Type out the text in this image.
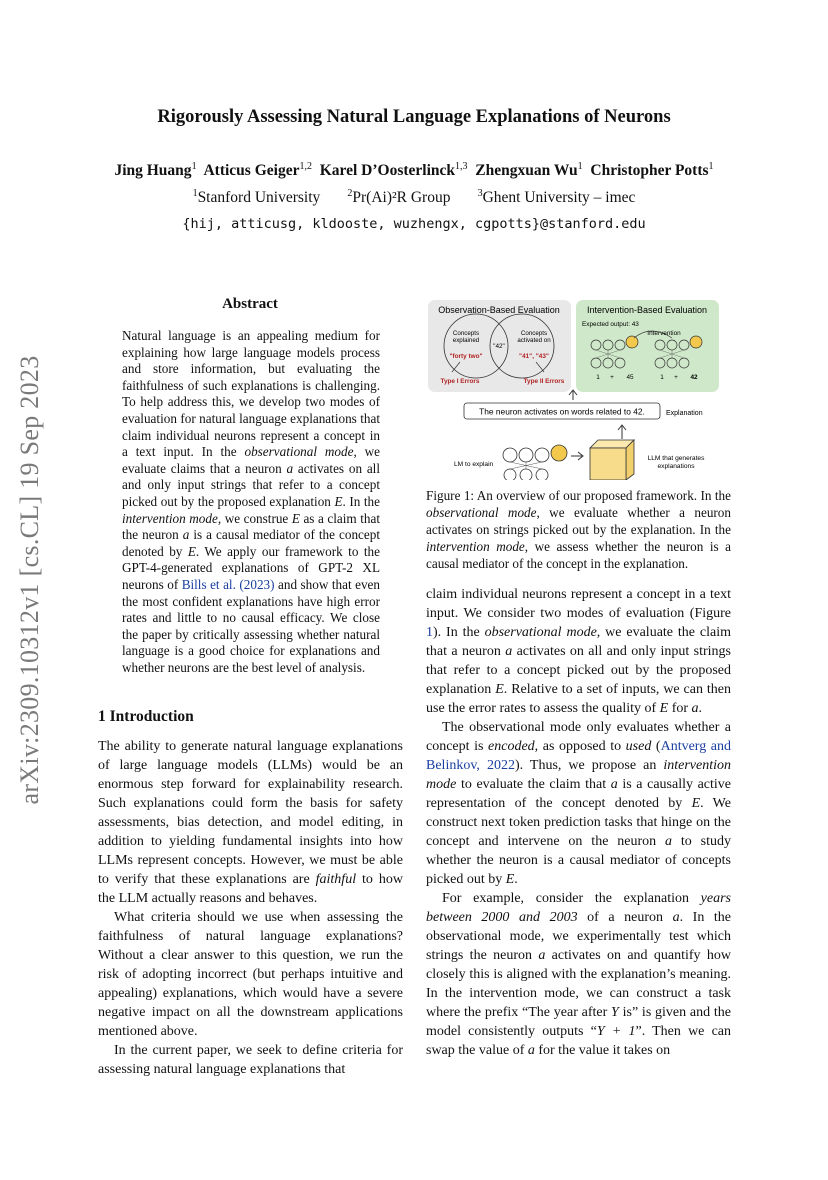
arXiv:2309.10312v1 [cs.CL] 19 Sep 2023
Rigorously Assessing Natural Language Explanations of Neurons
Jing Huang$^1$ Atticus Geiger$^{1,2}$ Karel D’Oosterlinck$^{1,3}$ Zhengxuan Wu$^1$ Christopher Potts$^1$
$^1$Stanford University	$^2$Pr(Ai)²R Group	$^3$Ghent University – imec
{hij, atticusg, kldooste, wuzhengx, cgpotts}@stanford.edu
Abstract

Natural language is an appealing medium for explaining how large language models process and store information, but evaluating the faithfulness of such explanations is challenging. To help address this, we develop two modes of evaluation for natural language explanations that claim individual neurons represent a concept in a text input. In the observational mode, we evaluate claims that a neuron a activates on all and only input strings that refer to a concept picked out by the proposed explanation E. In the intervention mode, we construe E as a claim that the neuron a is a causal mediator of the concept denoted by E. We apply our framework to the GPT-4-generated explanations of GPT-2 XL neurons of Bills et al. (2023) and show that even the most confident explanations have high error rates and little to no causal efficacy. We close the paper by critically assessing whether natural language is a good choice for explanations and whether neurons are the best level of analysis.

1 Introduction

The ability to generate natural language explanations of large language models (LLMs) would be an enormous step forward for explainability research. Such explanations could form the basis for safety assessments, bias detection, and model editing, in addition to yielding fundamental insights into how LLMs represent concepts. However, we must be able to verify that these explanations are faithful to how the LLM actually reasons and behaves.

What criteria should we use when assessing the faithfulness of natural language explanations? Without a clear answer to this question, we run the risk of adopting incorrect (but perhaps intuitive and appealing) explanations, which would have a severe negative impact on all the downstream applications mentioned above.

In the current paper, we seek to define criteria for assessing natural language explanations that

Observation-Based Evaluation	Intervention-Based Evaluation
Concepts explained
Concepts activated on
"42"
"forty two"	"41", "43"
Type I Errors	Type II Errors
Expected output: 43
Intervention
1 + 45	1 + 42
The neuron activates on words related to 42.	Explanation
LM to explain
LLM that generates explanations
Figure 1: An overview of our proposed framework. In the observational mode, we evaluate whether a neuron activates on strings picked out by the explanation. In the intervention mode, we assess whether the neuron is a causal mediator of the concept in the explanation.

claim individual neurons represent a concept in a text input. We consider two modes of evaluation (Figure 1). In the observational mode, we evaluate the claim that a neuron a activates on all and only input strings that refer to a concept picked out by the proposed explanation E. Relative to a set of inputs, we can then use the error rates to assess the quality of E for a.

The observational mode only evaluates whether a concept is encoded, as opposed to used (Antverg and Belinkov, 2022). Thus, we propose an intervention mode to evaluate the claim that a is a causally active representation of the concept denoted by E. We construct next token prediction tasks that hinge on the concept and intervene on the neuron a to study whether the neuron is a causal mediator of concepts picked out by E.

For example, consider the explanation years between 2000 and 2003 of a neuron a. In the observational mode, we experimentally test which strings the neuron a activates on and quantify how closely this is aligned with the explanation’s meaning. In the intervention mode, we can construct a task where the prefix “The year after Y is” is given and the model consistently outputs “Y + 1”. Then we can swap the value of a for the value it takes on
